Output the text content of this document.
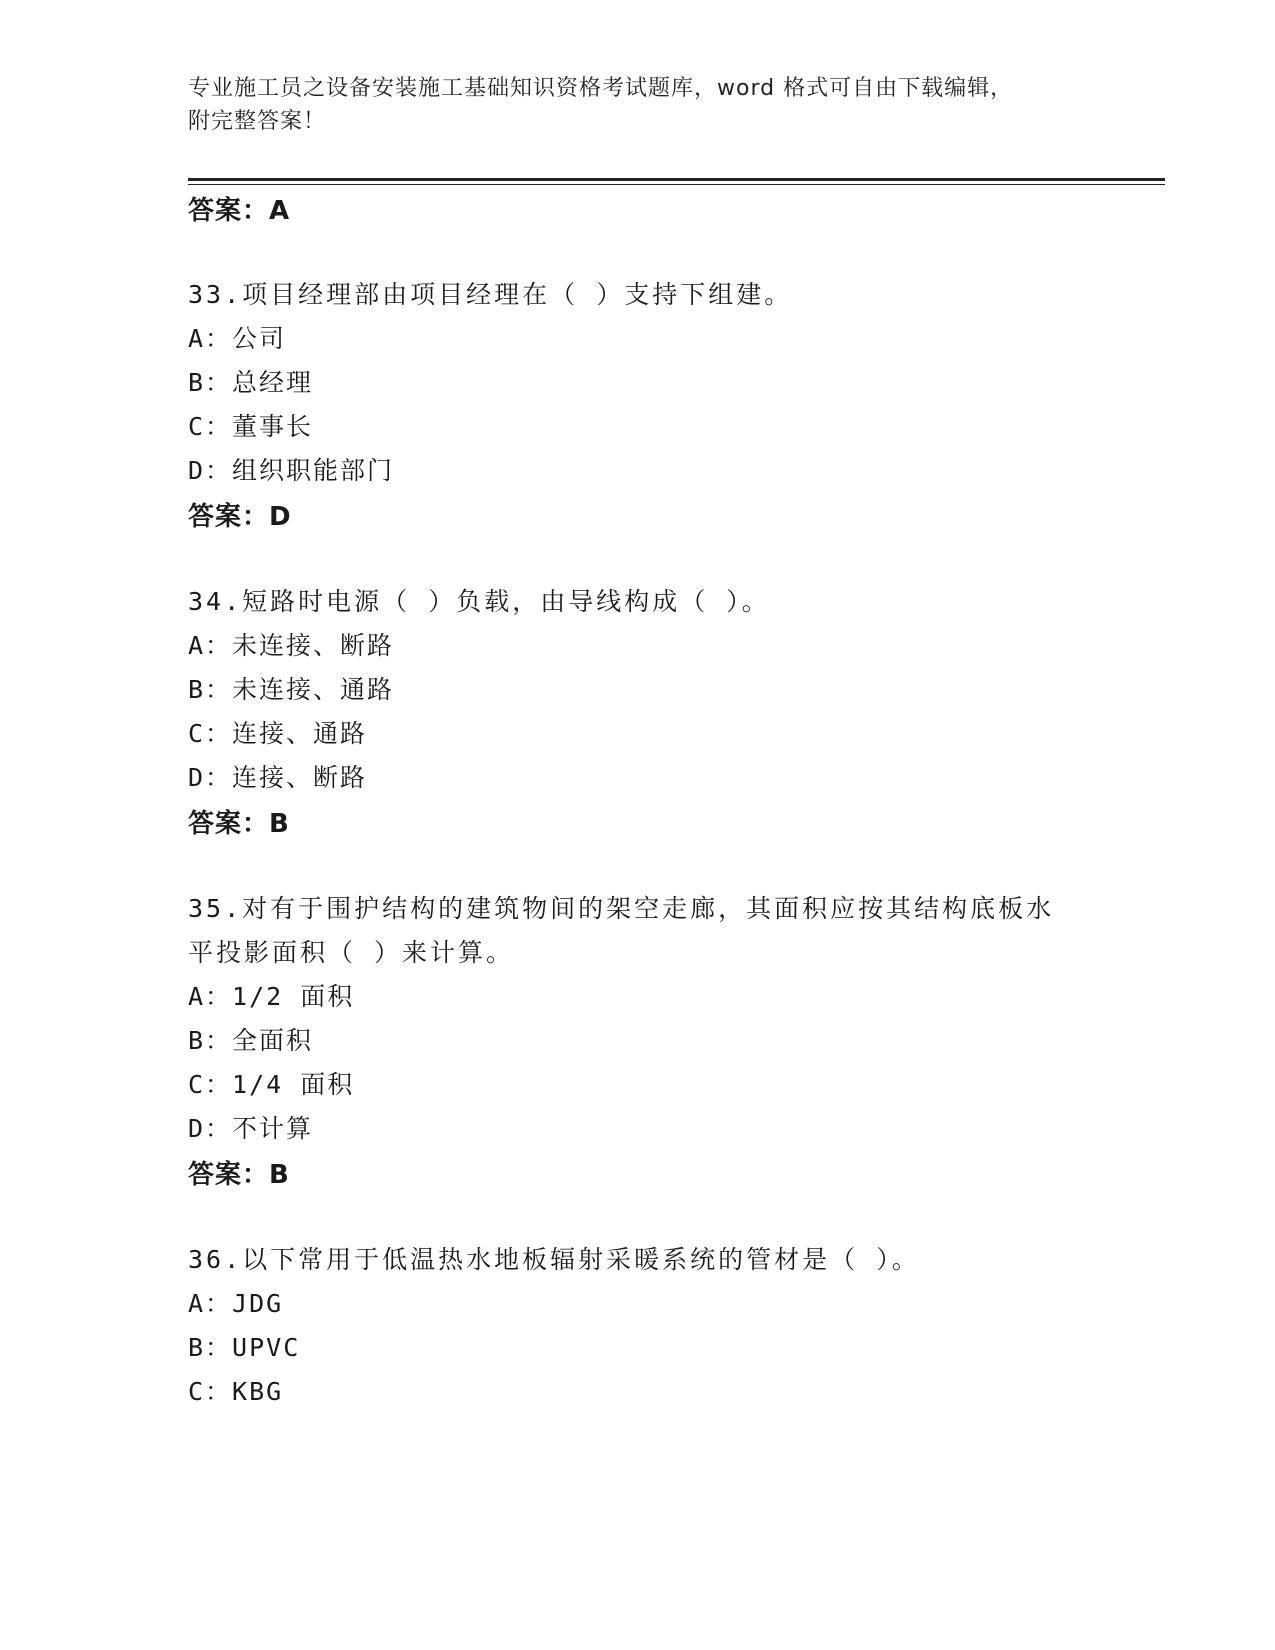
专业施工员之设备安装施工基础知识资格考试题库，word 格式可自由下载编辑，
附完整答案！
答案：A
33.项目经理部由项目经理在（ ）支持下组建。
A：公司
B：总经理
C：董事长
D：组织职能部门
答案：D
34.短路时电源（ ）负载，由导线构成（ ）。
A：未连接、断路
B：未连接、通路
C：连接、通路
D：连接、断路
答案：B
35.对有于围护结构的建筑物间的架空走廊，其面积应按其结构底板水
平投影面积（ ）来计算。
A：1/2 面积
B：全面积
C：1/4 面积
D：不计算
答案：B
36.以下常用于低温热水地板辐射采暖系统的管材是（ ）。
A：JDG
B：UPVC
C：KBG
